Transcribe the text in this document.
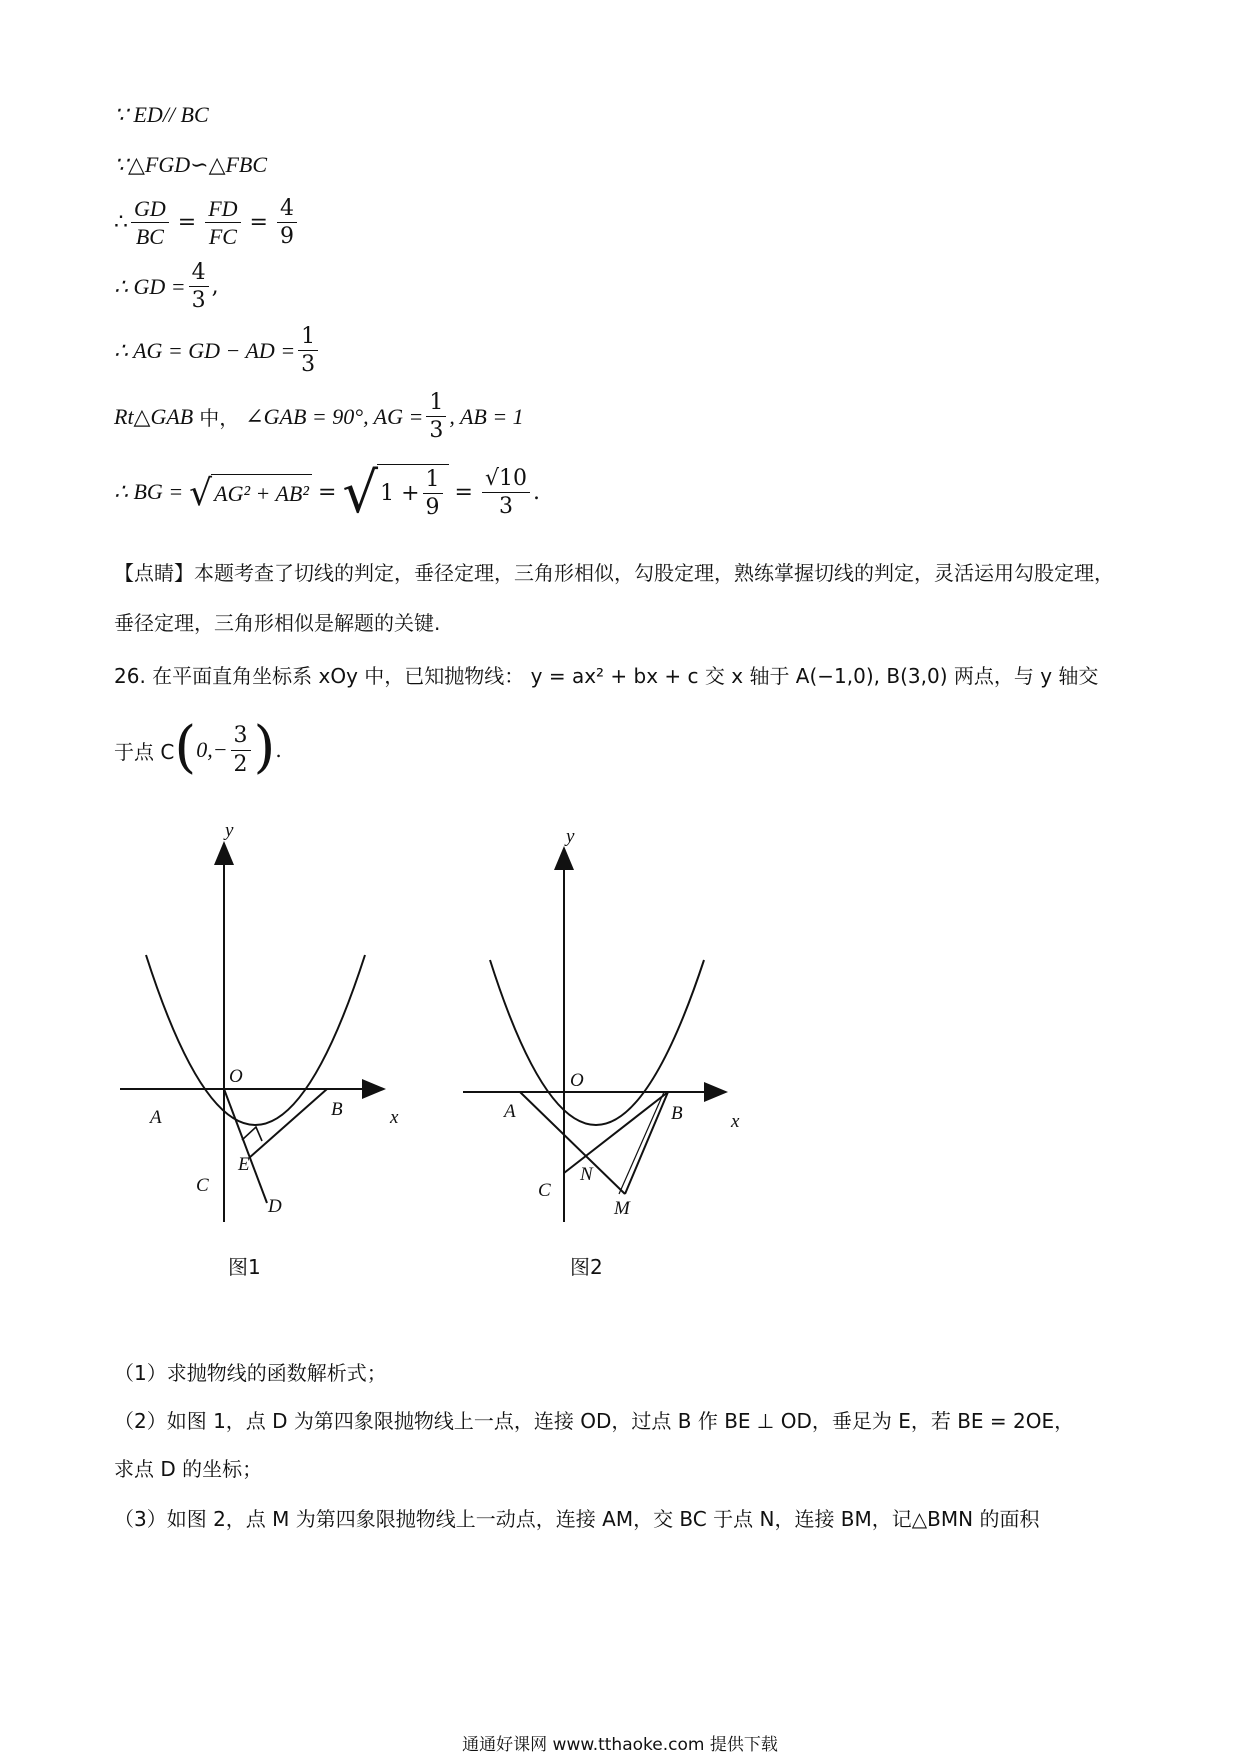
∵ ED// BC
∵△FGD∽△FBC
∴ $\frac{GD}{BC} = \frac{FD}{FC} = \frac{4}{9}$
∴ GD = $\frac{4}{3}$ ,
∴ AG = GD − AD = $\frac{1}{3}$
Rt△GAB 中， ∠GAB = 90°, AG = $\frac{1}{3}$ , AB = 1
∴ BG = √ AG² + AB² = √ $1 + \frac{1}{9} = \frac{√10}{3}$ .
【点睛】本题考查了切线的判定，垂径定理，三角形相似，勾股定理，熟练掌握切线的判定，灵活运用勾股定理，垂径定理，三角形相似是解题的关键.
26. 在平面直角坐标系 xOy 中，已知抛物线： y = ax² + bx + c 交 x 轴于 A(−1,0), B(3,0) 两点，与 y 轴交
于点 C ( $0,- \frac{3}{2}$ ) .
y
O
A	B x
E
C
D
图1
y
O
A	B	x
N
C
M
图2
（1）求抛物线的函数解析式；
（2）如图 1，点 D 为第四象限抛物线上一点，连接 OD，过点 B 作 BE ⊥ OD，垂足为 E，若 BE = 2OE，
求点 D 的坐标；
（3）如图 2，点 M 为第四象限抛物线上一动点，连接 AM，交 BC 于点 N，连接 BM，记△BMN 的面积
通通好课网 www.tthaoke.com 提供下载
